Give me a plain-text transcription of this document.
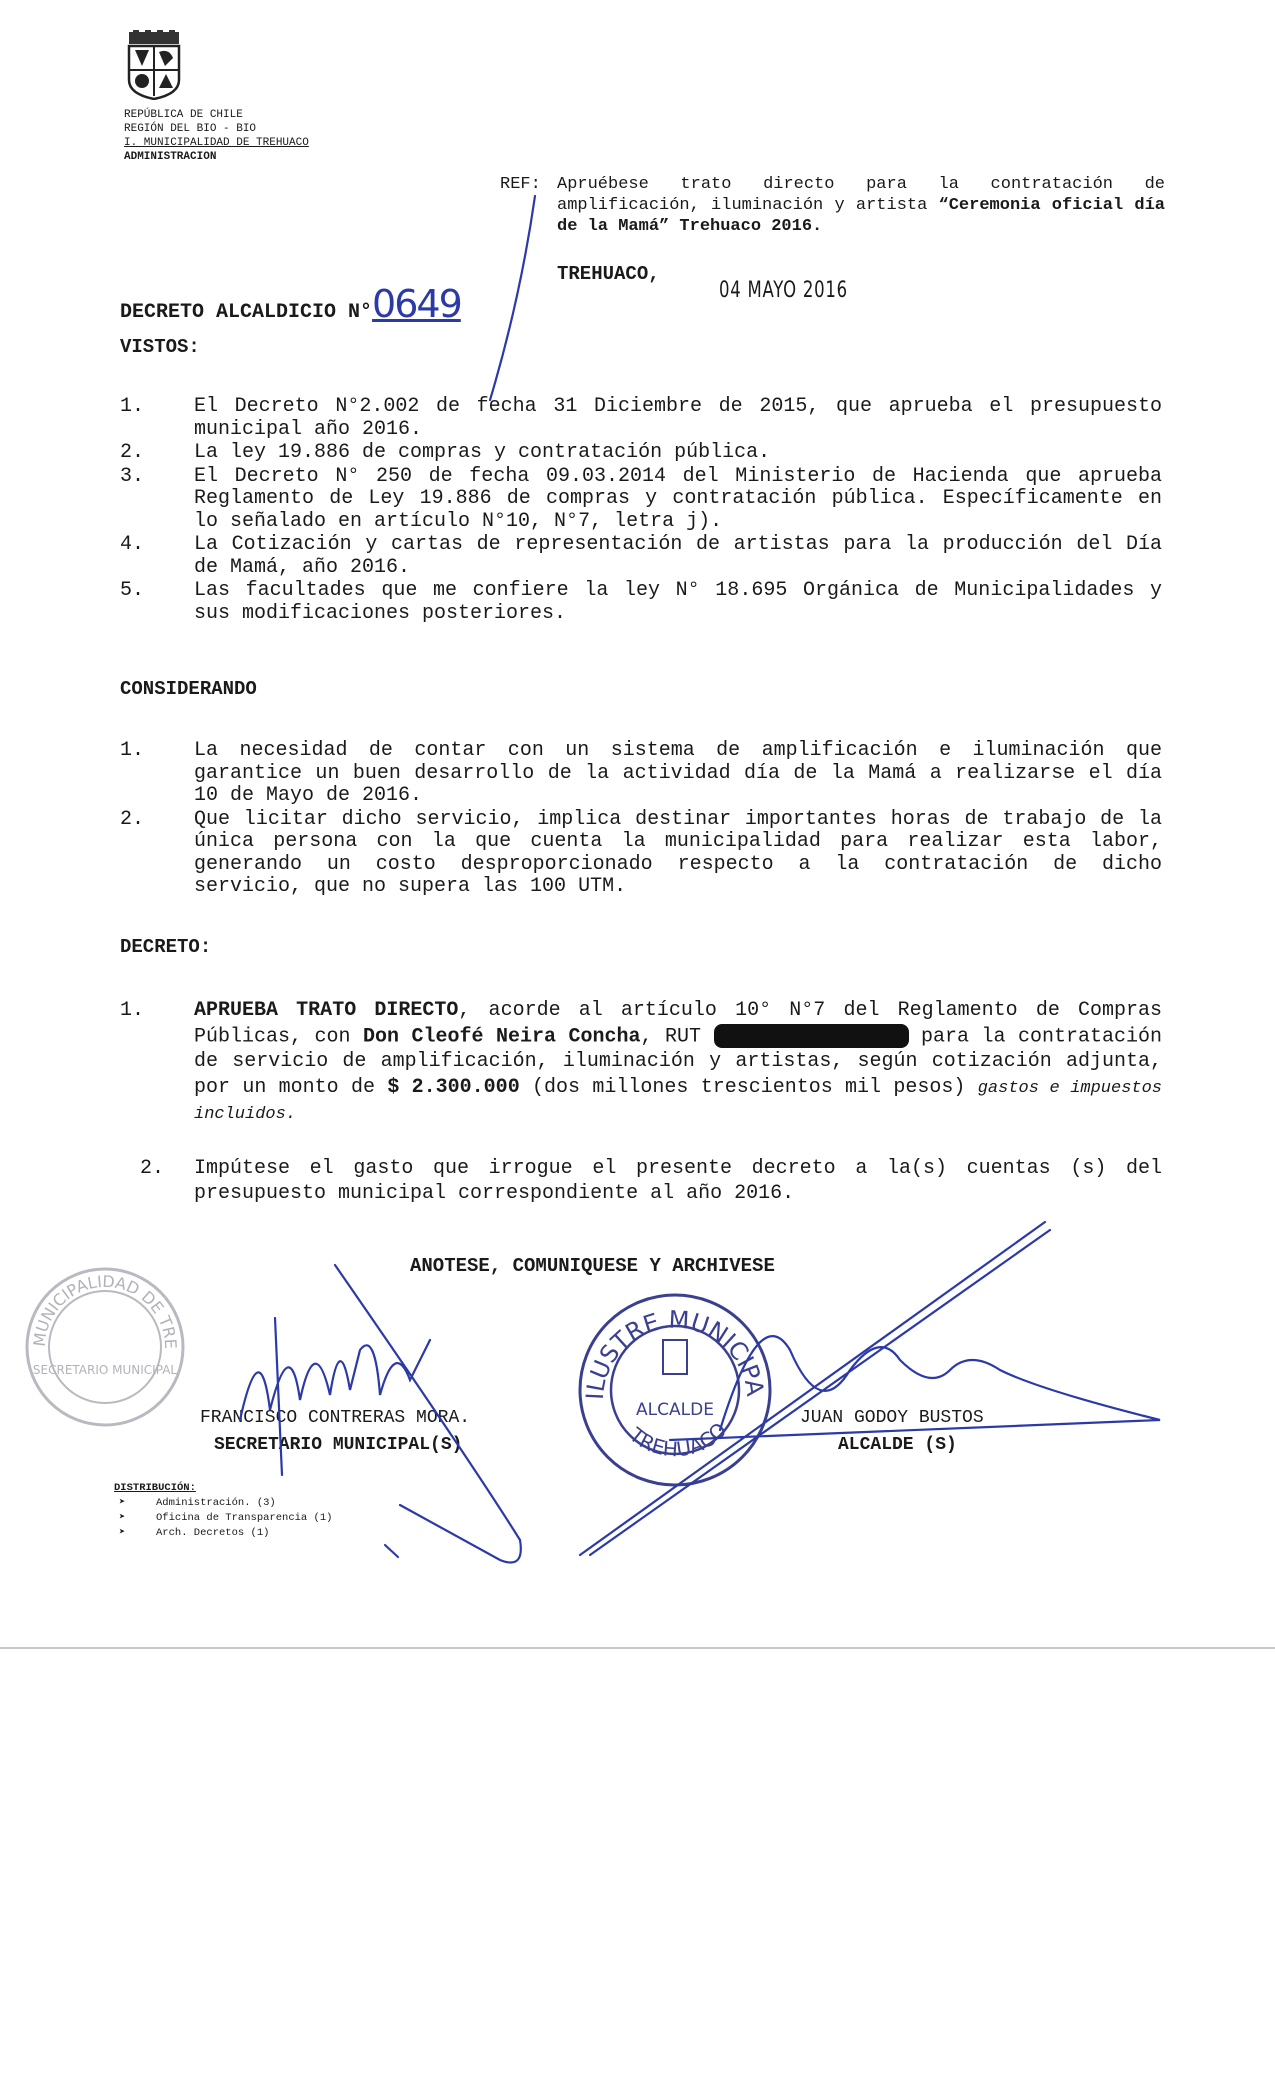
REPÚBLICA DE CHILE
REGIÓN DEL BIO - BIO
I. MUNICIPALIDAD DE TREHUACO
ADMINISTRACION
REF: Apruébese trato directo para la contratación de amplificación, iluminación y artista “Ceremonia oficial día de la Mamá” Trehuaco 2016.
TREHUACO,
04 MAYO 2016
DECRETO ALCALDICIO N°0649
VISTOS:
1. El Decreto N°2.002 de fecha 31 Diciembre de 2015, que aprueba el presupuesto municipal año 2016.
2. La ley 19.886 de compras y contratación pública.
3. El Decreto N° 250 de fecha 09.03.2014 del Ministerio de Hacienda que aprueba Reglamento de Ley 19.886 de compras y contratación pública. Específicamente en lo señalado en artículo N°10, N°7, letra j).
4. La Cotización y cartas de representación de artistas para la producción del Día de Mamá, año 2016.
5. Las facultades que me confiere la ley N° 18.695 Orgánica de Municipalidades y sus modificaciones posteriores.
CONSIDERANDO
1. La necesidad de contar con un sistema de amplificación e iluminación que garantice un buen desarrollo de la actividad día de la Mamá a realizarse el día 10 de Mayo de 2016.
2. Que licitar dicho servicio, implica destinar importantes horas de trabajo de la única persona con la que cuenta la municipalidad para realizar esta labor, generando un costo desproporcionado respecto a la contratación de dicho servicio, que no supera las 100 UTM.
DECRETO:
1. APRUEBA TRATO DIRECTO, acorde al artículo 10° N°7 del Reglamento de Compras Públicas, con Don Cleofé Neira Concha, RUT	para la contratación de servicio de amplificación, iluminación y artistas, según cotización adjunta, por un monto de $ 2.300.000 (dos millones trescientos mil pesos) gastos e impuestos incluidos.
2. Impútese el gasto que irrogue el presente decreto a la(s) cuentas (s) del presupuesto municipal correspondiente al año 2016.
ANOTESE, COMUNIQUESE Y ARCHIVESE
MUNICIPALIDAD DE TRE
SECRETARIO MUNICIPAL
ILUSTRE MUNICIPA
ALCALDE
TREHUACO
FRANCISCO CONTRERAS MORA.
SECRETARIO MUNICIPAL(S)
JUAN GODOY BUSTOS
ALCALDE (S)
DISTRIBUCIÓN:
➤	Administración. (3)
➤	Oficina de Transparencia (1)
➤	Arch. Decretos (1)
